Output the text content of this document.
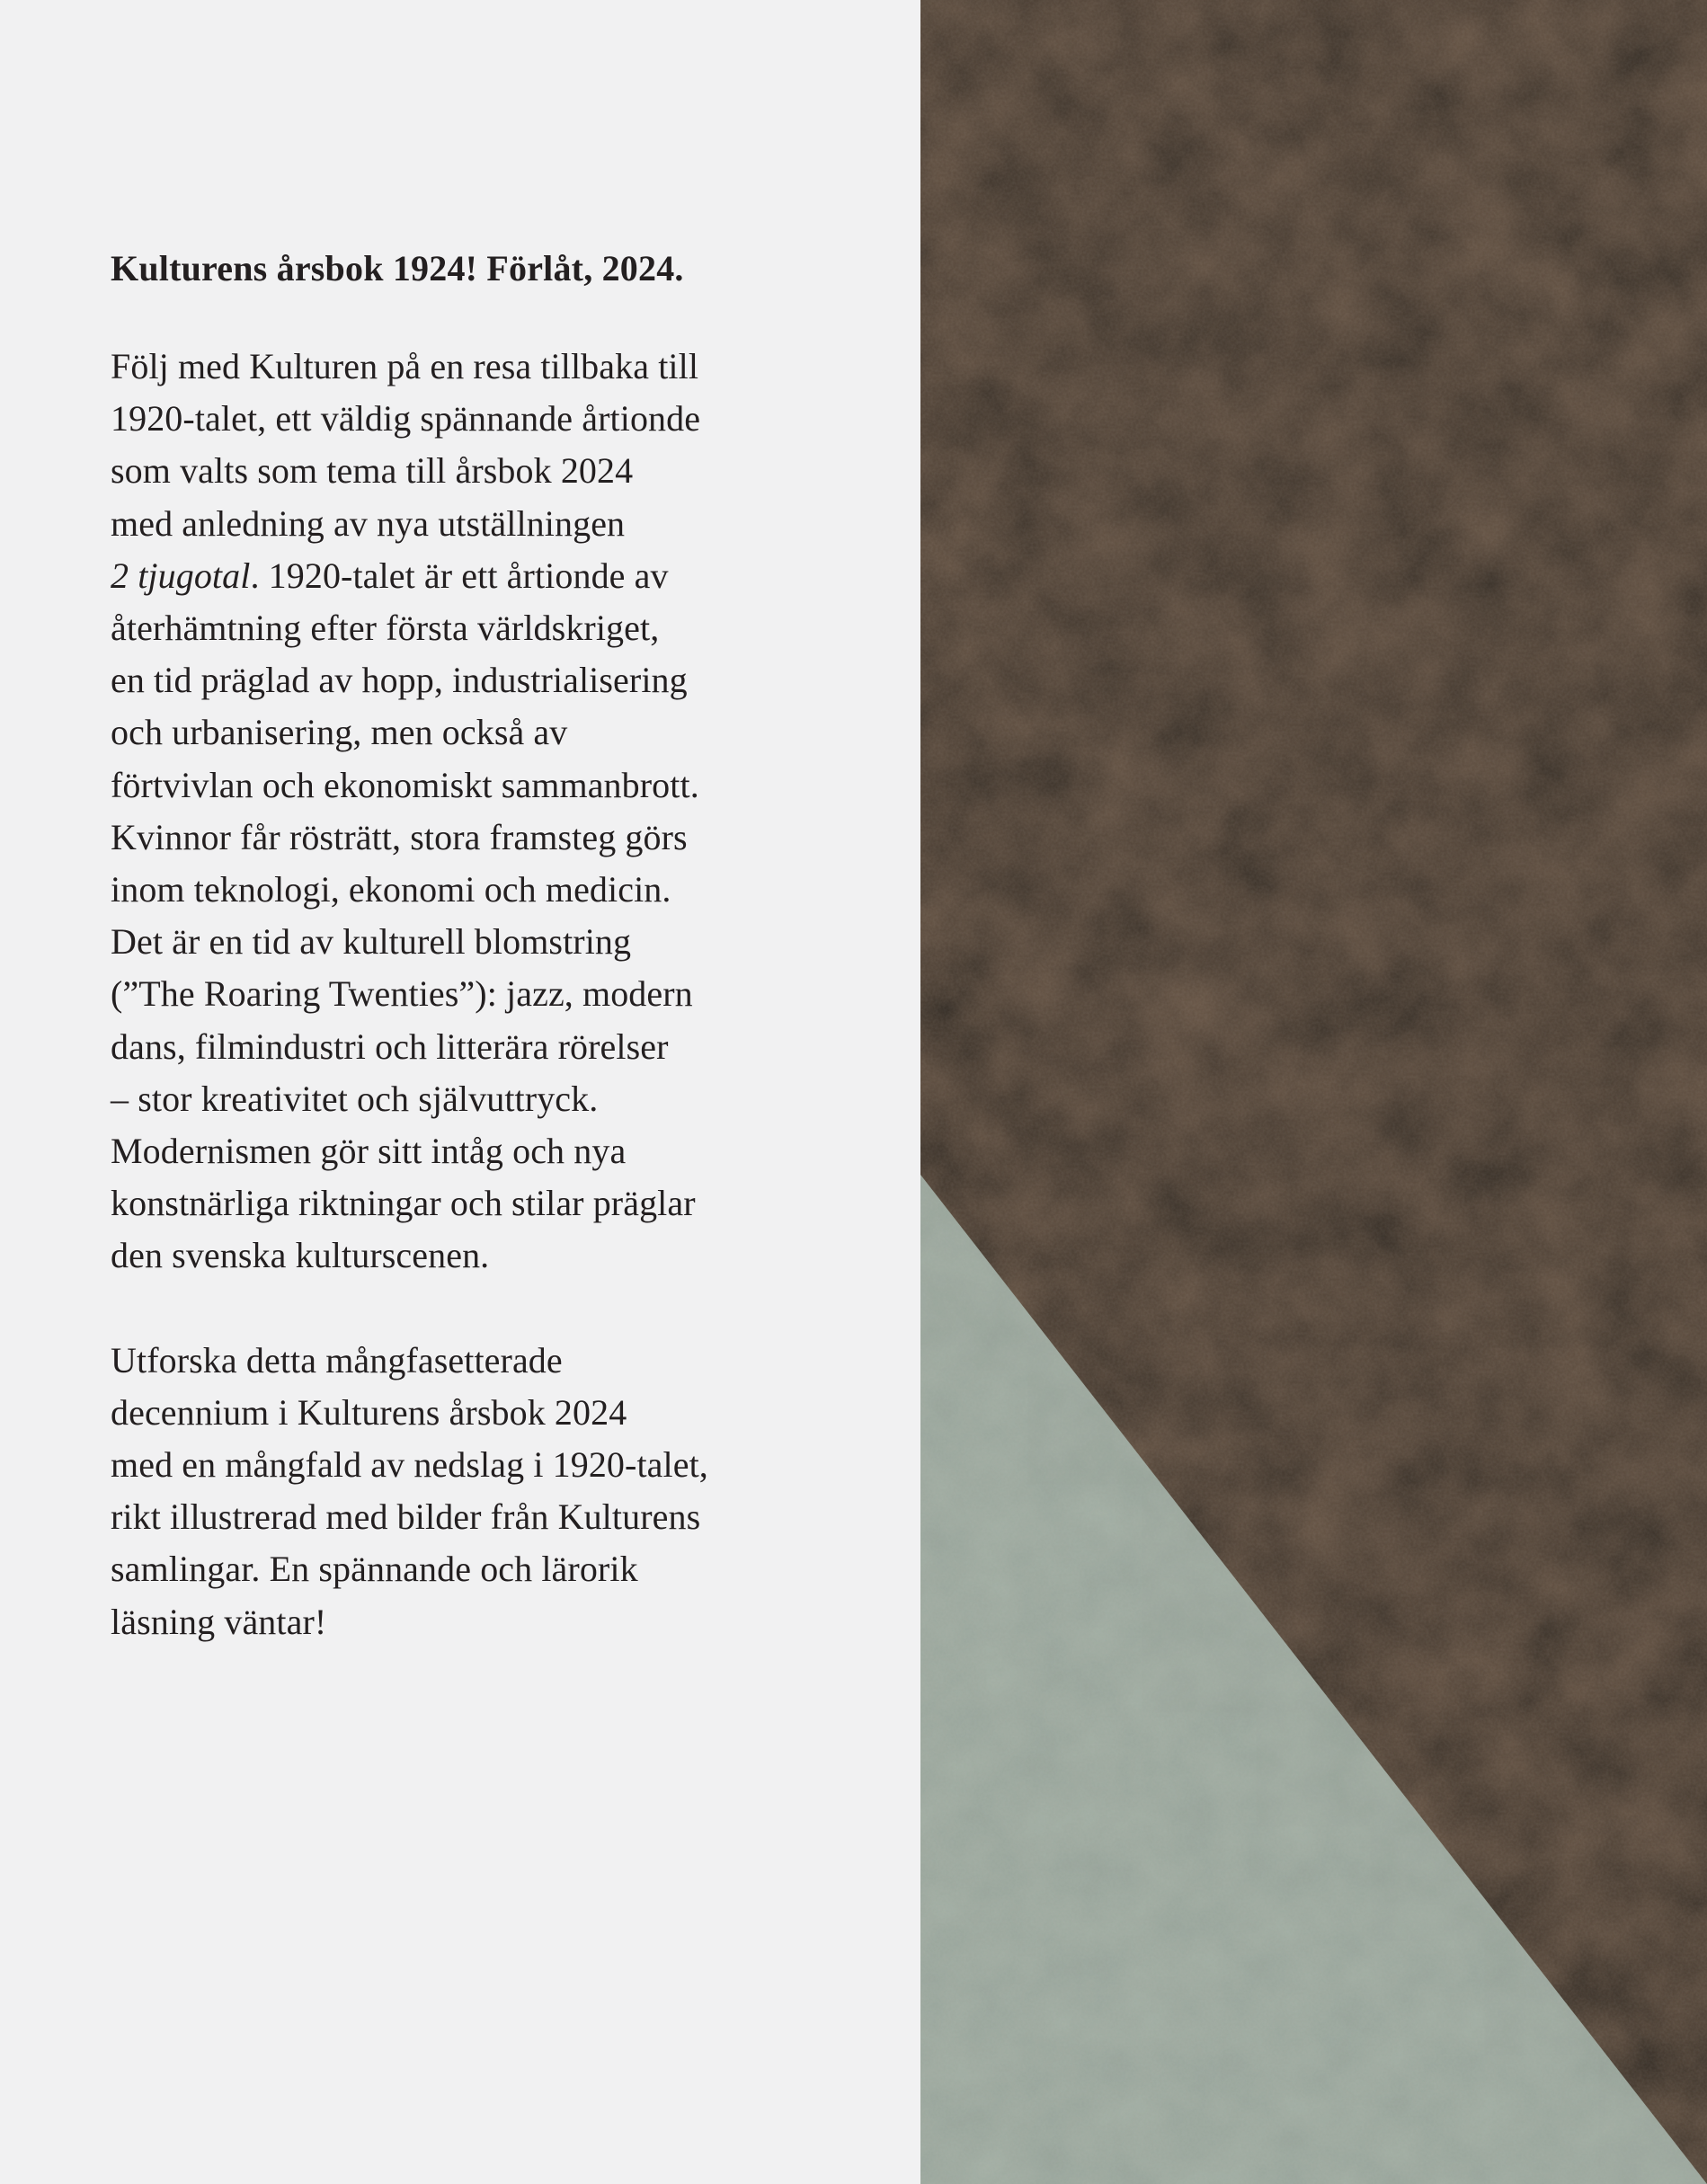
Kulturens årsbok 1924! Förlåt, 2024.

Följ med Kulturen på en resa tillbaka till
1920-talet, ett väldig spännande årtionde
som valts som tema till årsbok 2024
med anledning av nya utställningen
2 tjugotal. 1920-talet är ett årtionde av
återhämtning efter första världskriget,
en tid präglad av hopp, industrialisering
och urbanisering, men också av
förtvivlan och ekonomiskt sammanbrott.
Kvinnor får rösträtt, stora framsteg görs
inom teknologi, ekonomi och medicin.
Det är en tid av kulturell blomstring
(”The Roaring Twenties”): jazz, modern
dans, filmindustri och litterära rörelser
– stor kreativitet och självuttryck.
Modernismen gör sitt intåg och nya
konstnärliga riktningar och stilar präglar
den svenska kulturscenen.

Utforska detta mångfasetterade
decennium i Kulturens årsbok 2024
med en mångfald av nedslag i 1920-talet,
rikt illustrerad med bilder från Kulturens
samlingar. En spännande och lärorik
läsning väntar!
